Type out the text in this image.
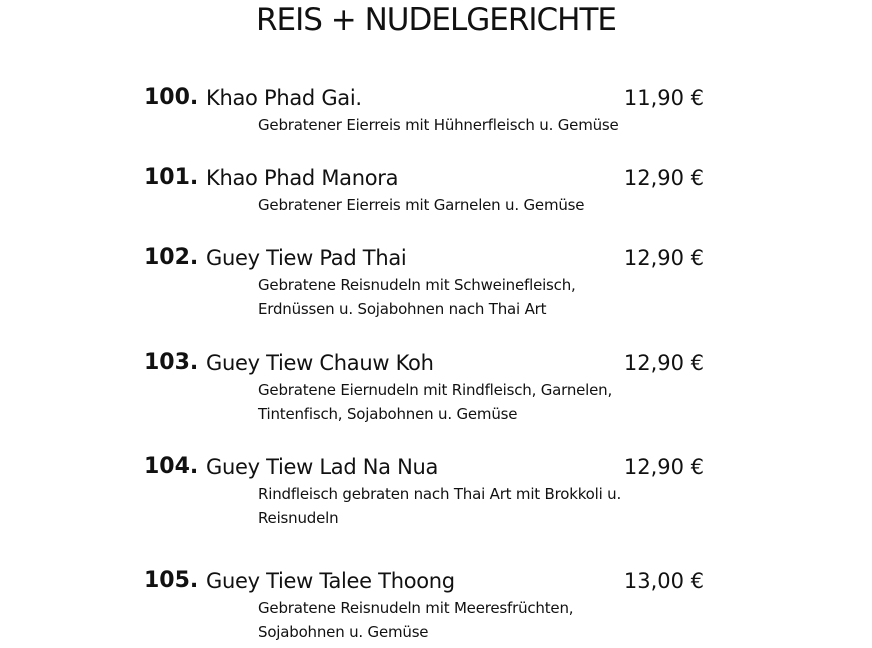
REIS + NUDELGERICHTE
100. Khao Phad Gai.	11,90 €
Gebratener Eierreis mit Hühnerfleisch u. Gemüse
101. Khao Phad Manora	12,90 €
Gebratener Eierreis mit Garnelen u. Gemüse
102. Guey Tiew Pad Thai	12,90 €
Gebratene Reisnudeln mit Schweinefleisch,
Erdnüssen u. Sojabohnen nach Thai Art
103. Guey Tiew Chauw Koh	12,90 €
Gebratene Eiernudeln mit Rindfleisch, Garnelen,
Tintenfisch, Sojabohnen u. Gemüse
104. Guey Tiew Lad Na Nua	12,90 €
Rindfleisch gebraten nach Thai Art mit Brokkoli u.
Reisnudeln
105. Guey Tiew Talee Thoong	13,00 €
Gebratene Reisnudeln mit Meeresfrüchten,
Sojabohnen u. Gemüse
